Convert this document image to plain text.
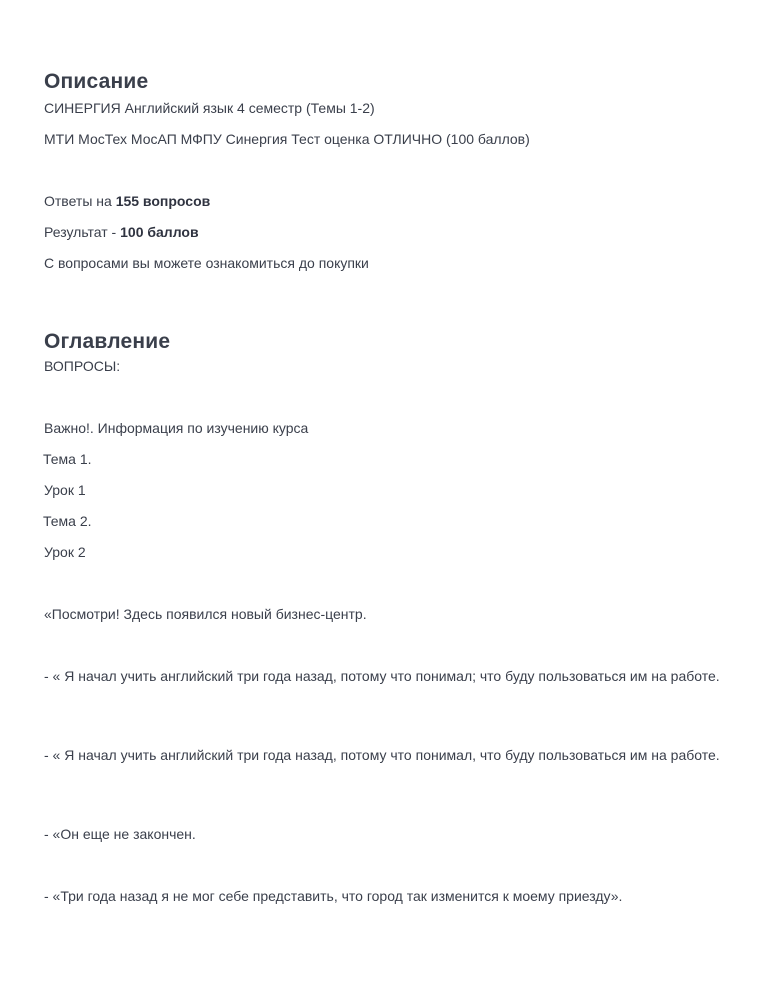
Описание

СИНЕРГИЯ Английский язык 4 семестр (Темы 1-2)

МТИ МосТех МосАП МФПУ Синергия Тест оценка ОТЛИЧНО (100 баллов)

Ответы на 155 вопросов

Результат - 100 баллов

С вопросами вы можете ознакомиться до покупки

Оглавление

ВОПРОСЫ:

Важно!. Информация по изучению курса

Тема 1.

Урок 1

Тема 2.

Урок 2

«Посмотри! Здесь появился новый бизнес-центр.

- « Я начал учить английский три года назад, потому что понимал; что буду пользоваться им на работе.

- « Я начал учить английский три года назад, потому что понимал, что буду пользоваться им на работе.

- «Он еще не закончен.

- «Три года назад я не мог себе представить, что город так изменится к моему приезду».
